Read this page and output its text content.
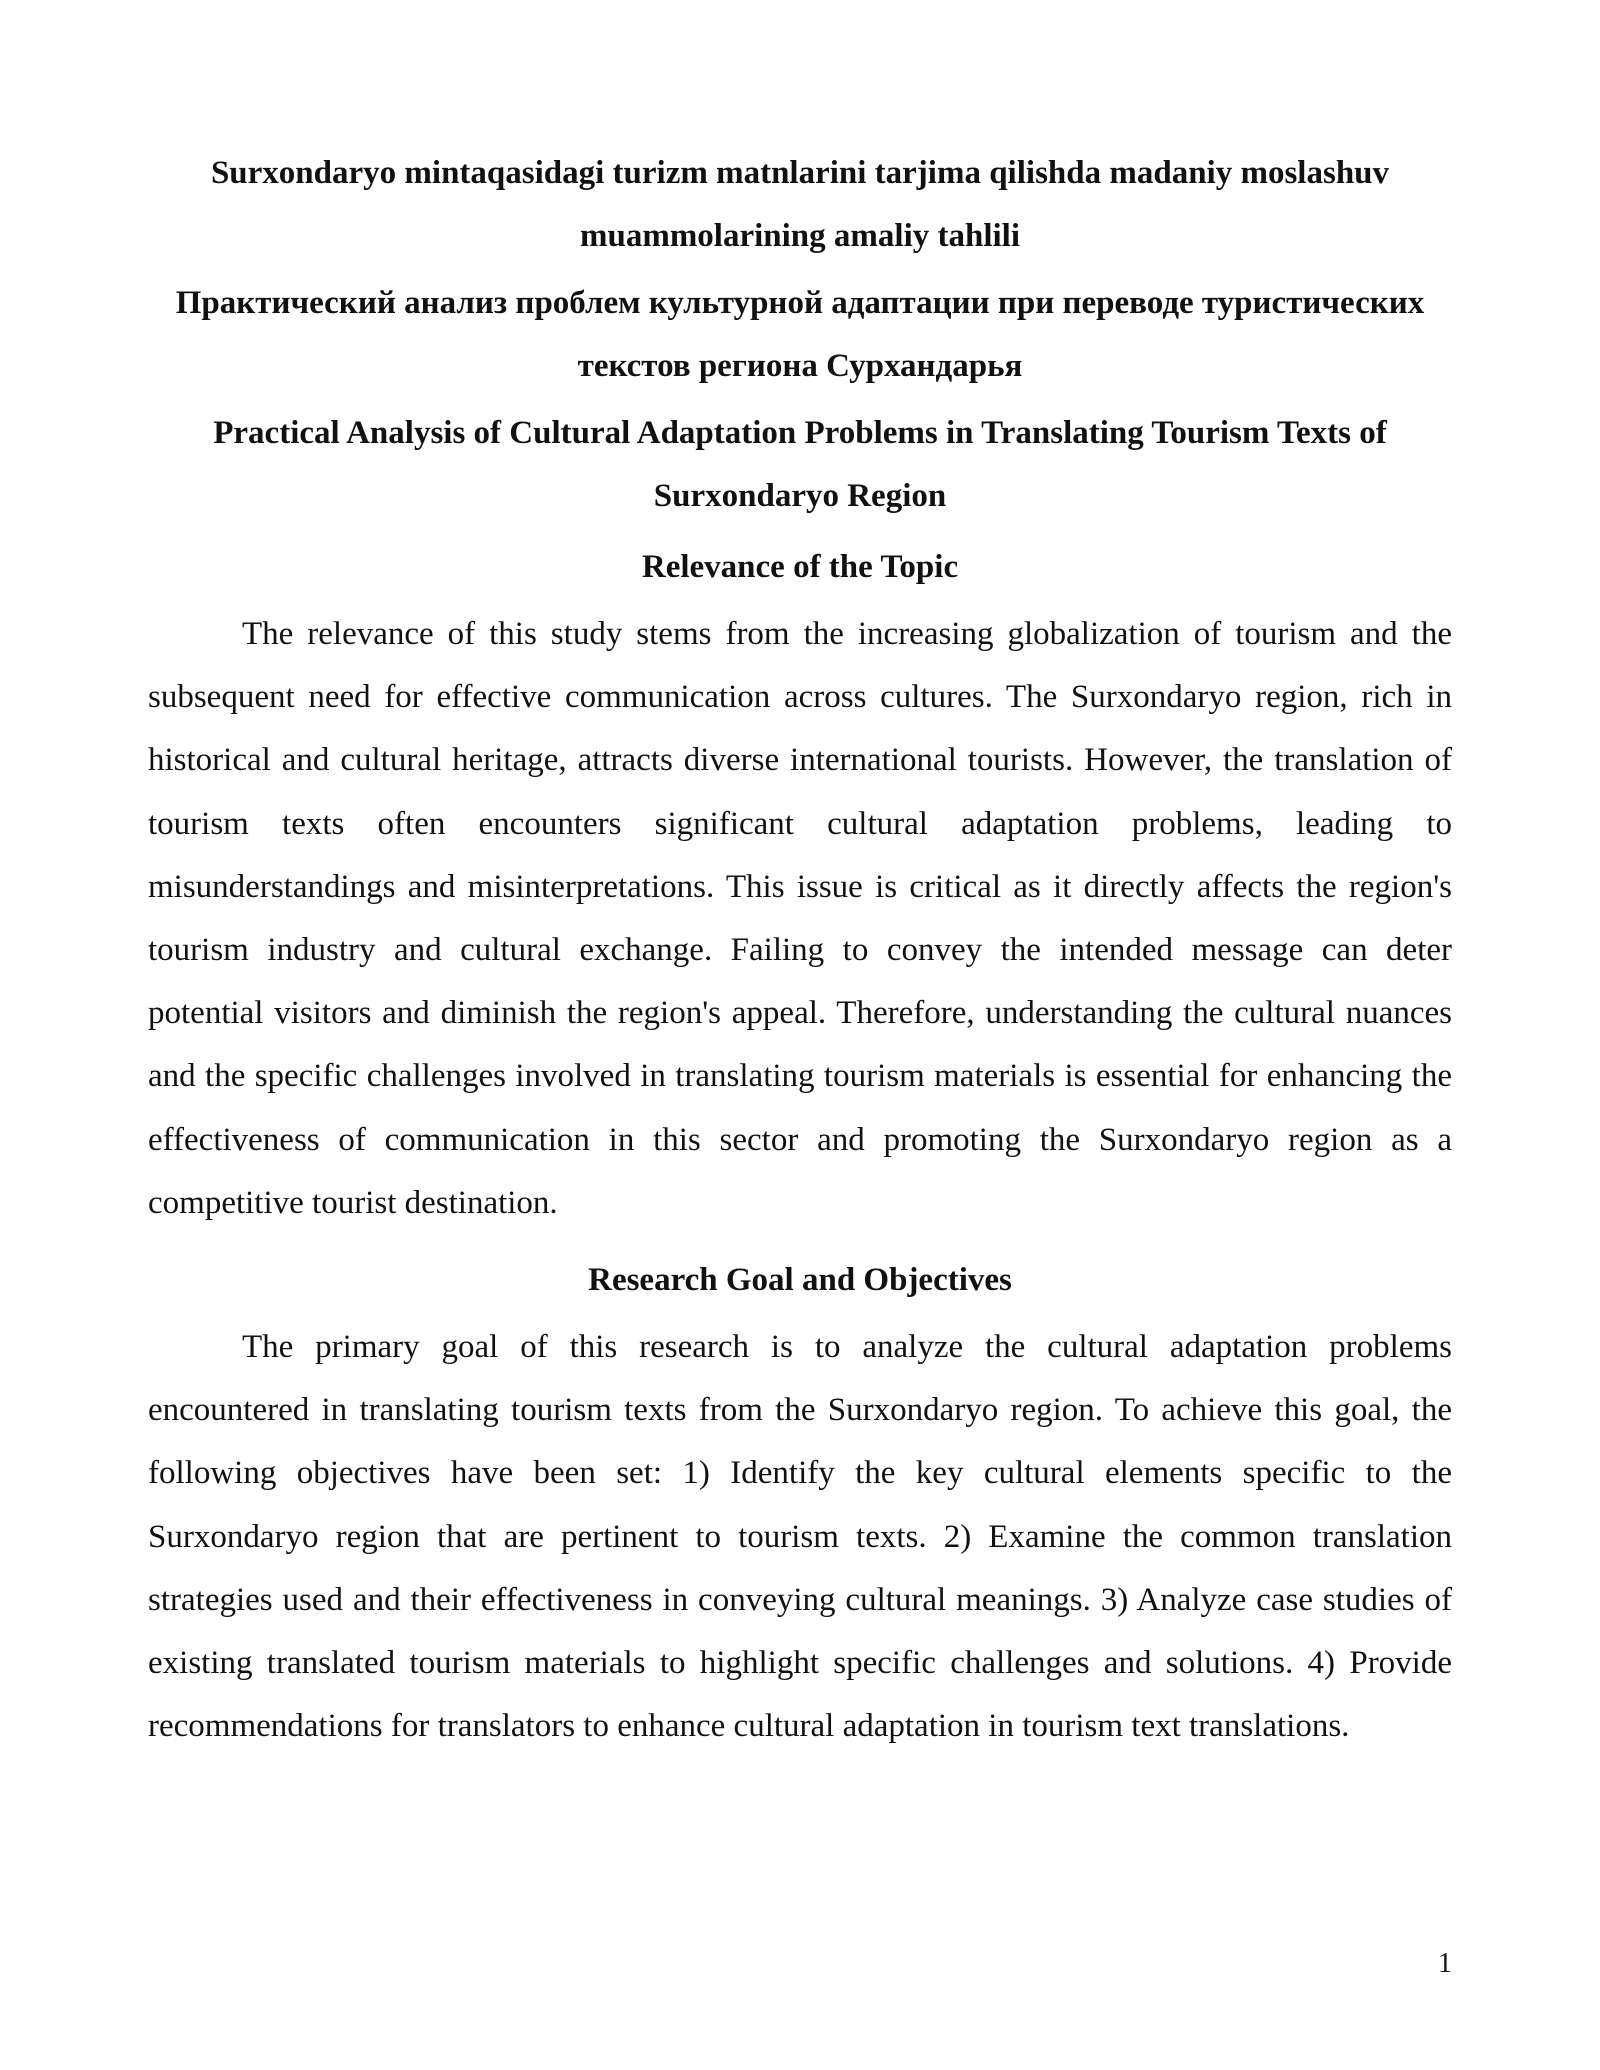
Surxondaryo mintaqasidagi turizm matnlarini tarjima qilishda madaniy moslashuv muammolarining amaliy tahlili
Практический анализ проблем культурной адаптации при переводе туристических текстов региона Сурхандарья
Practical Analysis of Cultural Adaptation Problems in Translating Tourism Texts of Surxondaryo Region
Relevance of the Topic

The relevance of this study stems from the increasing globalization of tourism and the subsequent need for effective communication across cultures. The Surxondaryo region, rich in historical and cultural heritage, attracts diverse international tourists. However, the translation of tourism texts often encounters significant cultural adaptation problems, leading to misunderstandings and misinterpretations. This issue is critical as it directly affects the region's tourism industry and cultural exchange. Failing to convey the intended message can deter potential visitors and diminish the region's appeal. Therefore, understanding the cultural nuances and the specific challenges involved in translating tourism materials is essential for enhancing the effectiveness of communication in this sector and promoting the Surxondaryo region as a competitive tourist destination.

Research Goal and Objectives

The primary goal of this research is to analyze the cultural adaptation problems encountered in translating tourism texts from the Surxondaryo region. To achieve this goal, the following objectives have been set: 1) Identify the key cultural elements specific to the Surxondaryo region that are pertinent to tourism texts. 2) Examine the common translation strategies used and their effectiveness in conveying cultural meanings. 3) Analyze case studies of existing translated tourism materials to highlight specific challenges and solutions. 4) Provide recommendations for translators to enhance cultural adaptation in tourism text translations.

1
